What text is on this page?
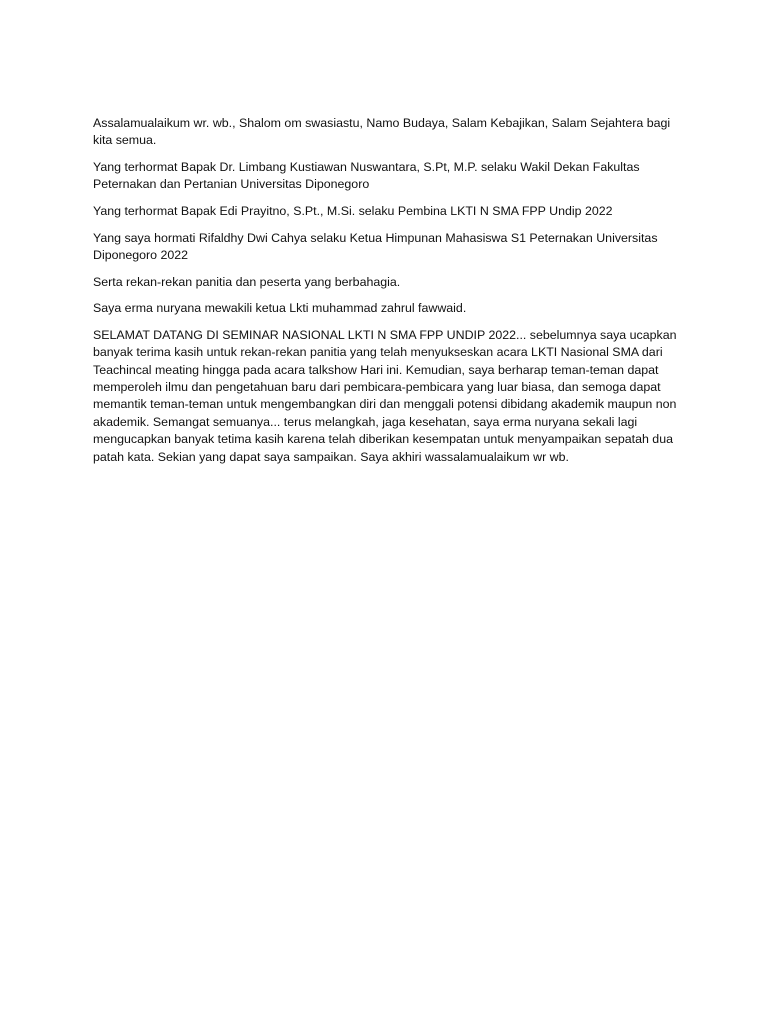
Assalamualaikum wr. wb., Shalom om swasiastu, Namo Budaya, Salam Kebajikan, Salam Sejahtera bagi kita semua.

Yang terhormat Bapak Dr. Limbang Kustiawan Nuswantara, S.Pt, M.P. selaku Wakil Dekan Fakultas Peternakan dan Pertanian Universitas Diponegoro

Yang terhormat Bapak Edi Prayitno, S.Pt., M.Si. selaku Pembina LKTI N SMA FPP Undip 2022

Yang saya hormati Rifaldhy Dwi Cahya selaku Ketua Himpunan Mahasiswa S1 Peternakan Universitas Diponegoro 2022

Serta rekan-rekan panitia dan peserta yang berbahagia.

Saya erma nuryana mewakili ketua Lkti muhammad zahrul fawwaid.

SELAMAT DATANG DI SEMINAR NASIONAL LKTI N SMA FPP UNDIP 2022... sebelumnya saya ucapkan banyak terima kasih untuk rekan-rekan panitia yang telah menyukseskan acara LKTI Nasional SMA dari Teachincal meating hingga pada acara talkshow Hari ini. Kemudian, saya berharap teman-teman dapat memperoleh ilmu dan pengetahuan baru dari pembicara-pembicara yang luar biasa, dan semoga dapat memantik teman-teman untuk mengembangkan diri dan menggali potensi dibidang akademik maupun non akademik. Semangat semuanya... terus melangkah, jaga kesehatan, saya erma nuryana sekali lagi mengucapkan banyak tetima kasih karena telah diberikan kesempatan untuk menyampaikan sepatah dua patah kata. Sekian yang dapat saya sampaikan. Saya akhiri wassalamualaikum wr wb.
